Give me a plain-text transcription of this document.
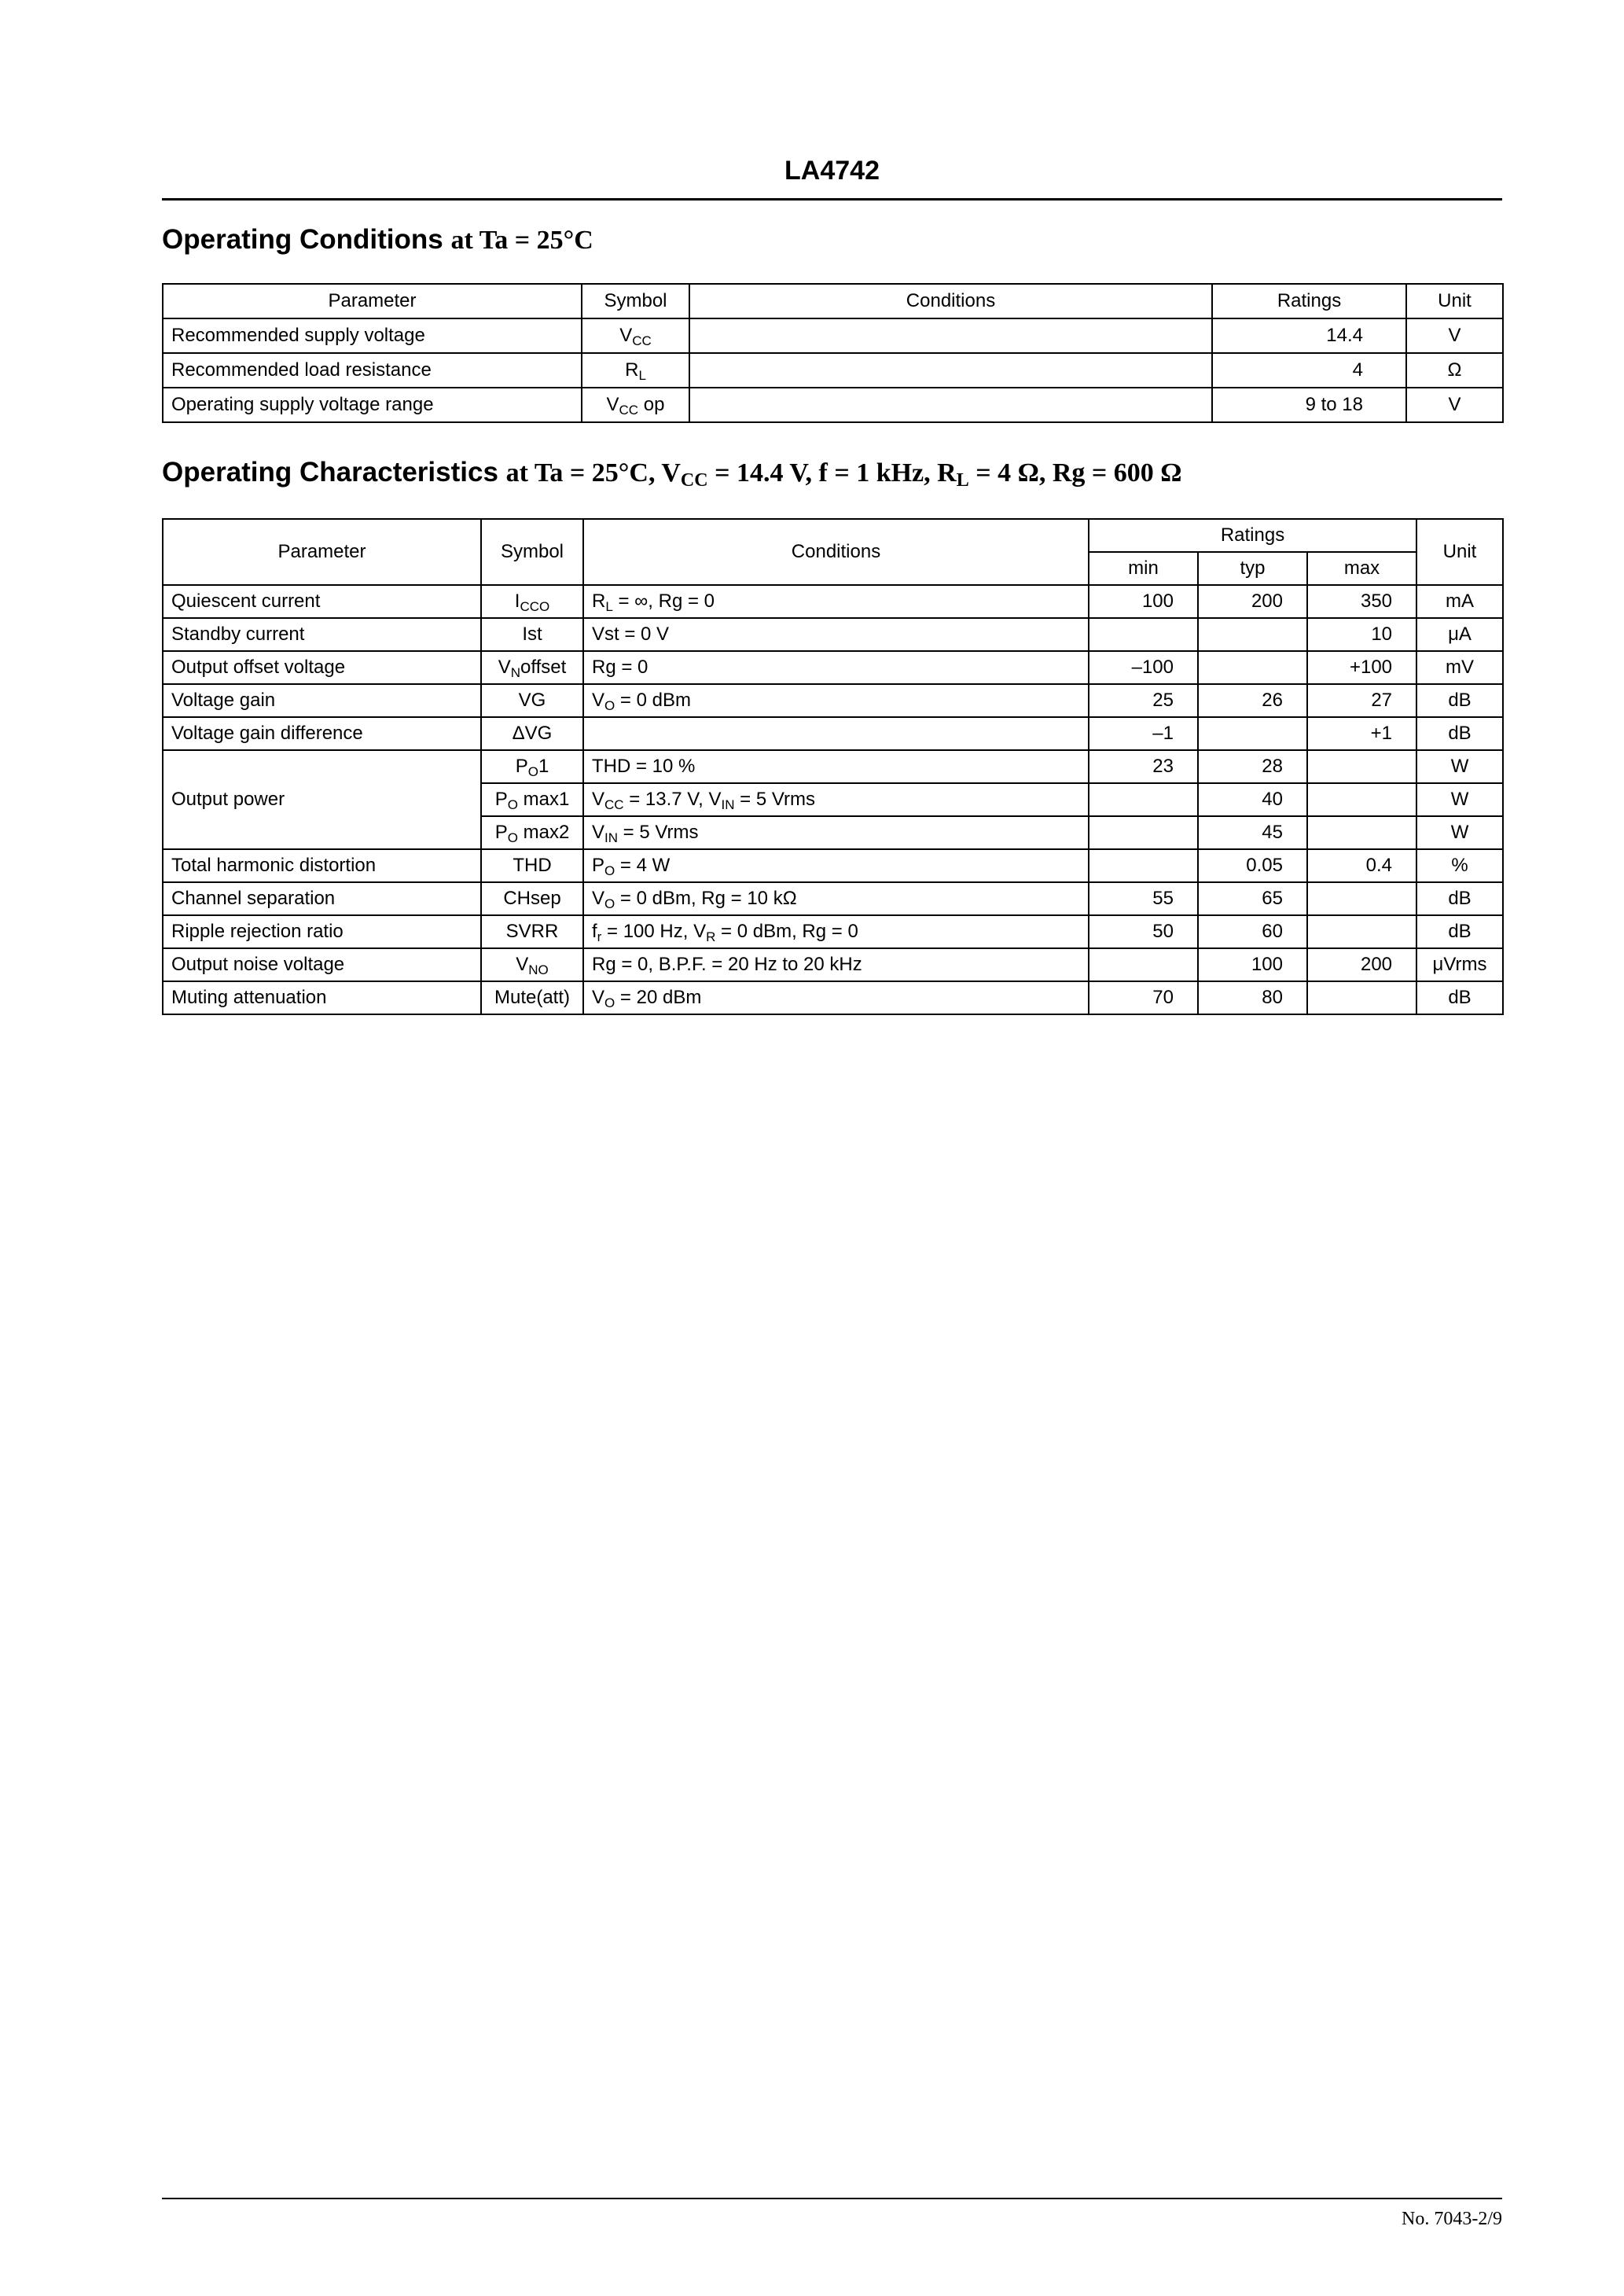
LA4742
Operating Conditions at Ta = 25°C
Parameter	Symbol	Conditions	Ratings	Unit
Recommended supply voltage	$V_{CC}$		14.4	V
Recommended load resistance	$R_L$		4	Ω
Operating supply voltage range	$V_{CC}$ op		9 to 18	V
Operating Characteristics at Ta = 25°C, $V_{CC} = 14.4$ V, f = 1 kHz, $R_L = 4$ Ω, Rg = 600 Ω
Parameter	Symbol	Conditions	Ratings			Unit
			min	typ	max	
Quiescent current	$I_{CCO}$	$R_L$ = ∞, Rg = 0	100	200	350	mA
Standby current	Ist	Vst = 0 V			10	μA
Output offset voltage	$V_Noffset$	Rg = 0	–100		+100	mV
Voltage gain	VG	$V_O = 0$ dBm	25	26	27	dB
Voltage gain difference	ΔVG		–1		+1	dB
Output power	$P_O1$	THD = 10 %	23	28		W
	$P_O$ max1	$V_{CC} = 13.7$ V, $V_{IN} = 5$ Vrms		40		W
	$P_O$ max2	$V_{IN} = 5$ Vrms		45		W
Total harmonic distortion	THD	$P_O = 4$ W		0.05	0.4	%
Channel separation	CHsep	$V_O = 0$ dBm, Rg = 10 kΩ	55	65		dB
Ripple rejection ratio	SVRR	$f_r = 100$ Hz, $V_R = 0$ dBm, Rg = 0	50	60		dB
Output noise voltage	$V_{NO}$	Rg = 0, B.P.F. = 20 Hz to 20 kHz		100	200	μVrms
Muting attenuation	Mute(att)	$V_O = 20$ dBm	70	80		dB
No. 7043-2/9
